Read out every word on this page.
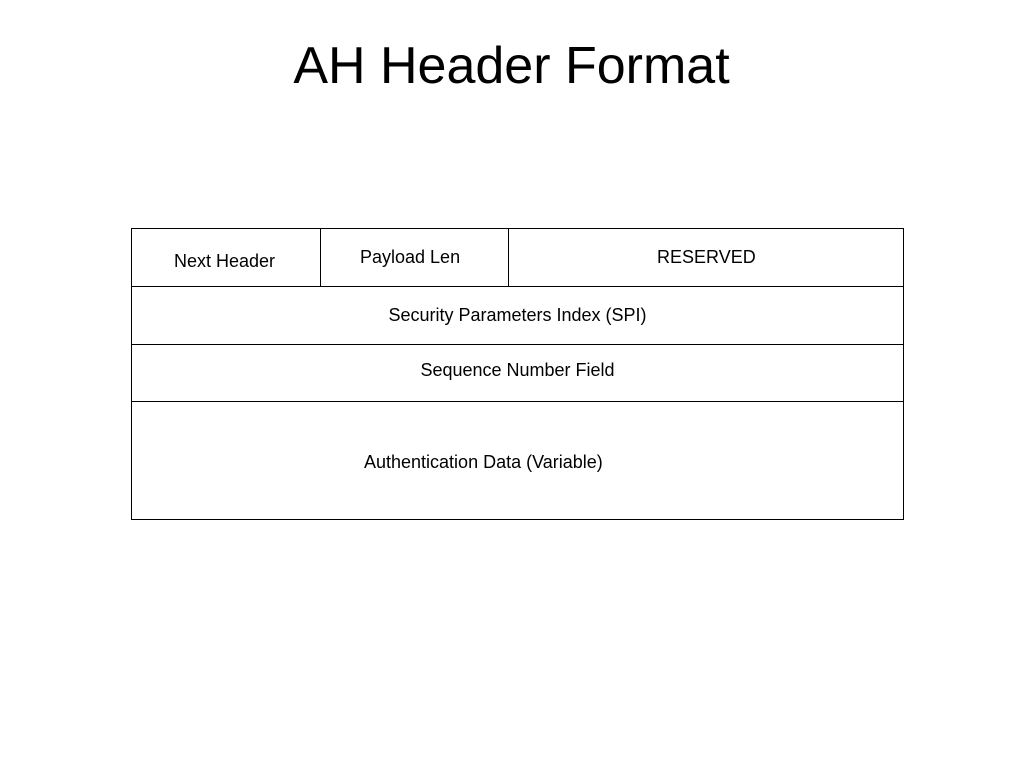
AH Header Format
Next Header	Payload Len	RESERVED
Security Parameters Index (SPI)
Sequence Number Field
Authentication Data (Variable)
